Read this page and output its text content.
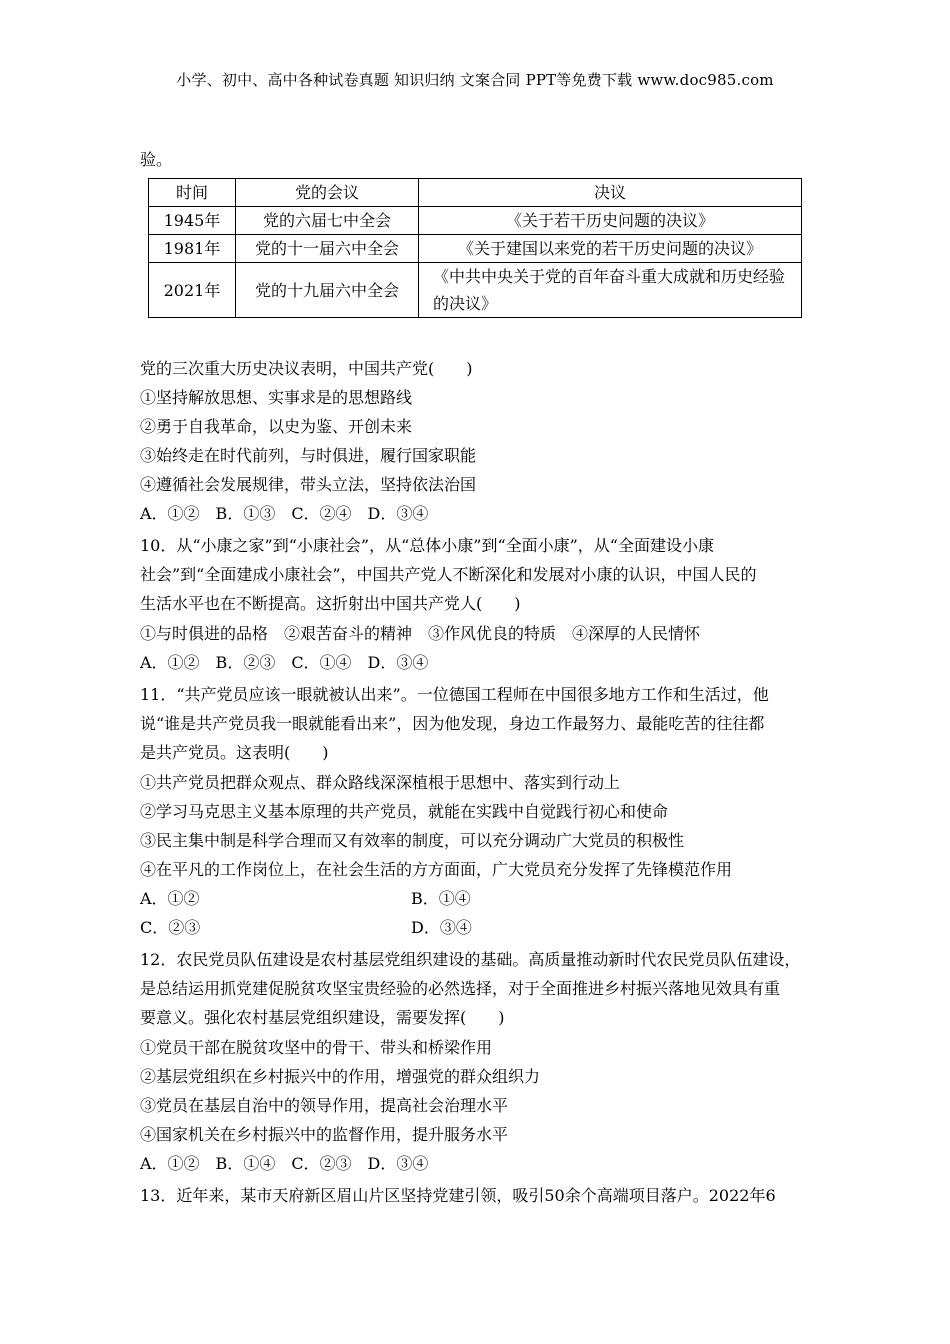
小学、初中、高中各种试卷真题 知识归纳 文案合同 PPT等免费下载 www.doc985.com
验。
时间	党的会议	决议
1945年	党的六届七中全会	《关于若干历史问题的决议》
1981年	党的十一届六中全会	《关于建国以来党的若干历史问题的决议》
2021年	党的十九届六中全会	《中共中央关于党的百年奋斗重大成就和历史经验的决议》
党的三次重大历史决议表明，中国共产党(　　)
①坚持解放思想、实事求是的思想路线
②勇于自我革命，以史为鉴、开创未来
③始终走在时代前列，与时俱进，履行国家职能
④遵循社会发展规律，带头立法，坚持依法治国
A．①②　B．①③　C．②④　D．③④
10．从“小康之家”到“小康社会”，从“总体小康”到“全面小康”，从“全面建设小康
社会”到“全面建成小康社会”，中国共产党人不断深化和发展对小康的认识，中国人民的
生活水平也在不断提高。这折射出中国共产党人(　　)
①与时俱进的品格　②艰苦奋斗的精神　③作风优良的特质　④深厚的人民情怀
A．①②　B．②③　C．①④　D．③④
11．“共产党员应该一眼就被认出来”。一位德国工程师在中国很多地方工作和生活过，他
说“谁是共产党员我一眼就能看出来”，因为他发现，身边工作最努力、最能吃苦的往往都
是共产党员。这表明(　　)
①共产党员把群众观点、群众路线深深植根于思想中、落实到行动上
②学习马克思主义基本原理的共产党员，就能在实践中自觉践行初心和使命
③民主集中制是科学合理而又有效率的制度，可以充分调动广大党员的积极性
④在平凡的工作岗位上，在社会生活的方方面面，广大党员充分发挥了先锋模范作用
A．①②	B．①④
C．②③	D．③④
12．农民党员队伍建设是农村基层党组织建设的基础。高质量推动新时代农民党员队伍建设，
是总结运用抓党建促脱贫攻坚宝贵经验的必然选择，对于全面推进乡村振兴落地见效具有重
要意义。强化农村基层党组织建设，需要发挥(　　)
①党员干部在脱贫攻坚中的骨干、带头和桥梁作用
②基层党组织在乡村振兴中的作用，增强党的群众组织力
③党员在基层自治中的领导作用，提高社会治理水平
④国家机关在乡村振兴中的监督作用，提升服务水平
A．①②　B．①④　C．②③　D．③④
13．近年来，某市天府新区眉山片区坚持党建引领，吸引50余个高端项目落户。2022年6
